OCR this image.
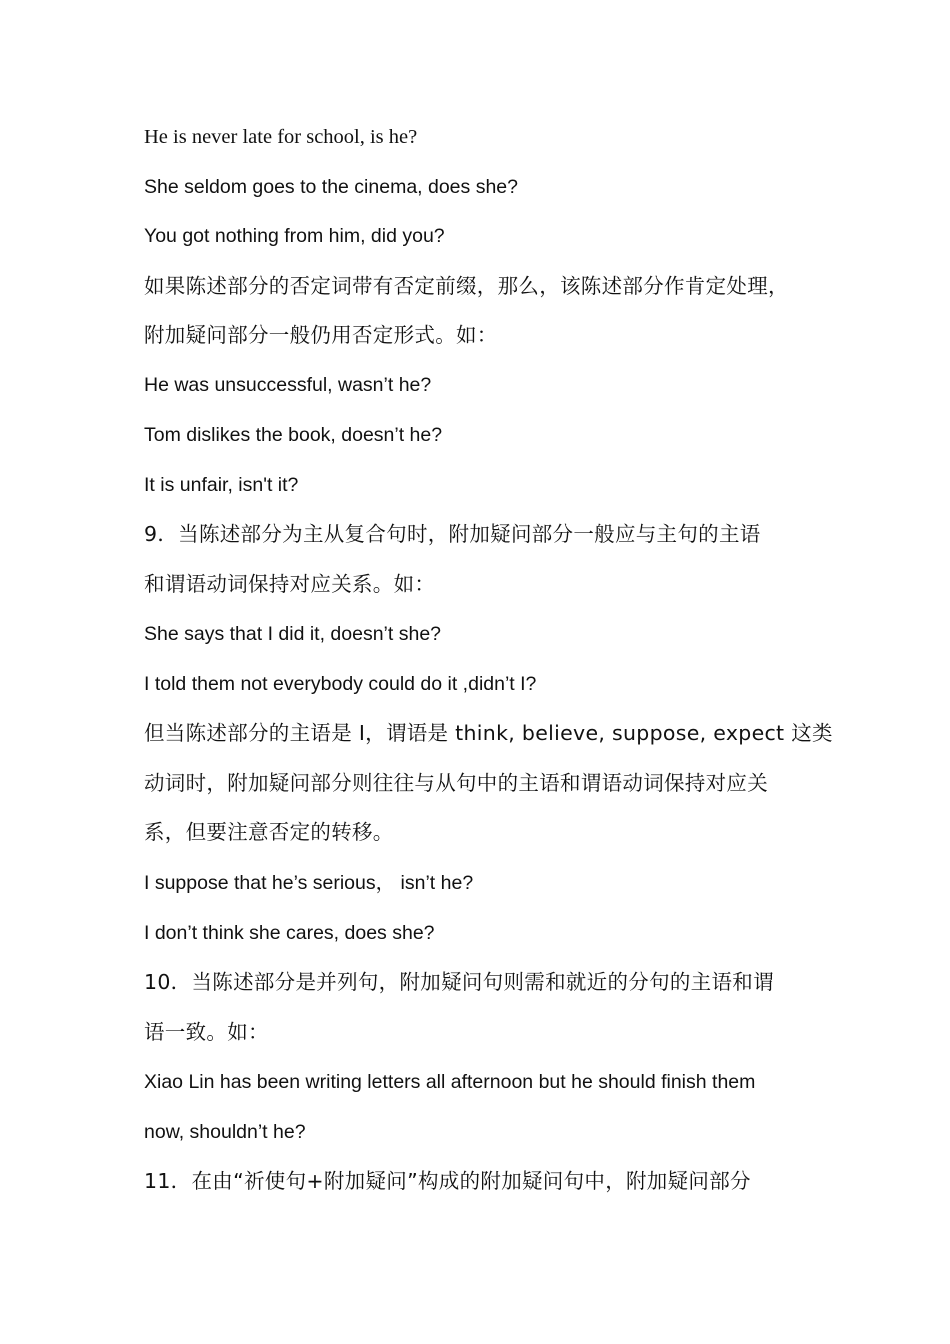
He is never late for school, is he?
She seldom goes to the cinema, does she?
You got nothing from him, did you?
如果陈述部分的否定词带有否定前缀，那么，该陈述部分作肯定处理，
附加疑问部分一般仍用否定形式。如：
He was unsuccessful, wasn’t he?
Tom dislikes the book, doesn’t he?
It is unfair, isn't it?
9．当陈述部分为主从复合句时，附加疑问部分一般应与主句的主语
和谓语动词保持对应关系。如：
She says that I did it, doesn’t she?
I told them not everybody could do it ,didn’t I?
但当陈述部分的主语是 I，谓语是 think, believe, suppose, expect 这类
动词时，附加疑问部分则往往与从句中的主语和谓语动词保持对应关
系，但要注意否定的转移。
I suppose that he’s serious， isn’t he?
I don’t think she cares, does she?
10．当陈述部分是并列句，附加疑问句则需和就近的分句的主语和谓
语一致。如：
Xiao Lin has been writing letters all afternoon but he should finish them
now, shouldn’t he?
11．在由“祈使句+附加疑问”构成的附加疑问句中，附加疑问部分
